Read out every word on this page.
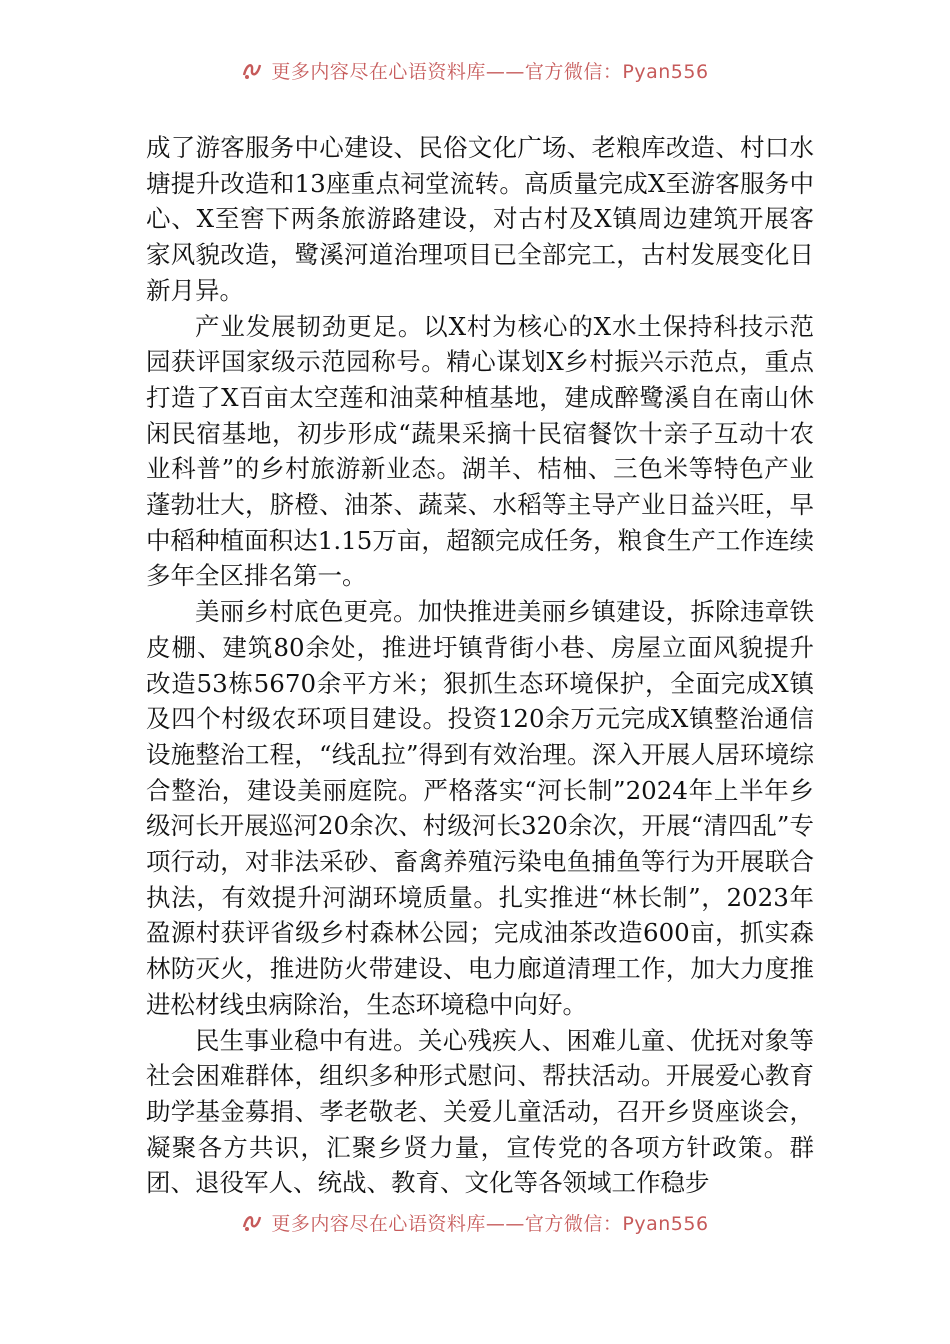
更多内容尽在心语资料库——官方微信：Pyan556

成了游客服务中心建设、民俗文化广场、老粮库改造、村口水塘提升改造和13座重点祠堂流转。高质量完成X至游客服务中心、X至窖下两条旅游路建设，对古村及X镇周边建筑开展客家风貌改造，鹭溪河道治理项目已全部完工，古村发展变化日新月异。

产业发展韧劲更足。以X村为核心的X水土保持科技示范园获评国家级示范园称号。精心谋划X乡村振兴示范点，重点打造了X百亩太空莲和油菜种植基地，建成醉鹭溪自在南山休闲民宿基地，初步形成“蔬果采摘十民宿餐饮十亲子互动十农业科普”的乡村旅游新业态。湖羊、桔柚、三色米等特色产业蓬勃壮大，脐橙、油茶、蔬菜、水稻等主导产业日益兴旺，早中稻种植面积达1.15万亩，超额完成任务，粮食生产工作连续多年全区排名第一。

美丽乡村底色更亮。加快推进美丽乡镇建设，拆除违章铁皮棚、建筑80余处，推进圩镇背街小巷、房屋立面风貌提升改造53栋5670余平方米；狠抓生态环境保护，全面完成X镇及四个村级农环项目建设。投资120余万元完成X镇整治通信设施整治工程，“线乱拉”得到有效治理。深入开展人居环境综合整治，建设美丽庭院。严格落实“河长制”2024年上半年乡级河长开展巡河20余次、村级河长320余次，开展“清四乱”专项行动，对非法采砂、畜禽养殖污染电鱼捕鱼等行为开展联合执法，有效提升河湖环境质量。扎实推进“林长制”，2023年盈源村获评省级乡村森林公园；完成油茶改造600亩，抓实森林防灭火，推进防火带建设、电力廊道清理工作，加大力度推进松材线虫病除治，生态环境稳中向好。

民生事业稳中有进。关心残疾人、困难儿童、优抚对象等社会困难群体，组织多种形式慰问、帮扶活动。开展爱心教育助学基金募捐、孝老敬老、关爱儿童活动，召开乡贤座谈会，凝聚各方共识，汇聚乡贤力量，宣传党的各项方针政策。群团、退役军人、统战、教育、文化等各领域工作稳步

更多内容尽在心语资料库——官方微信：Pyan556
